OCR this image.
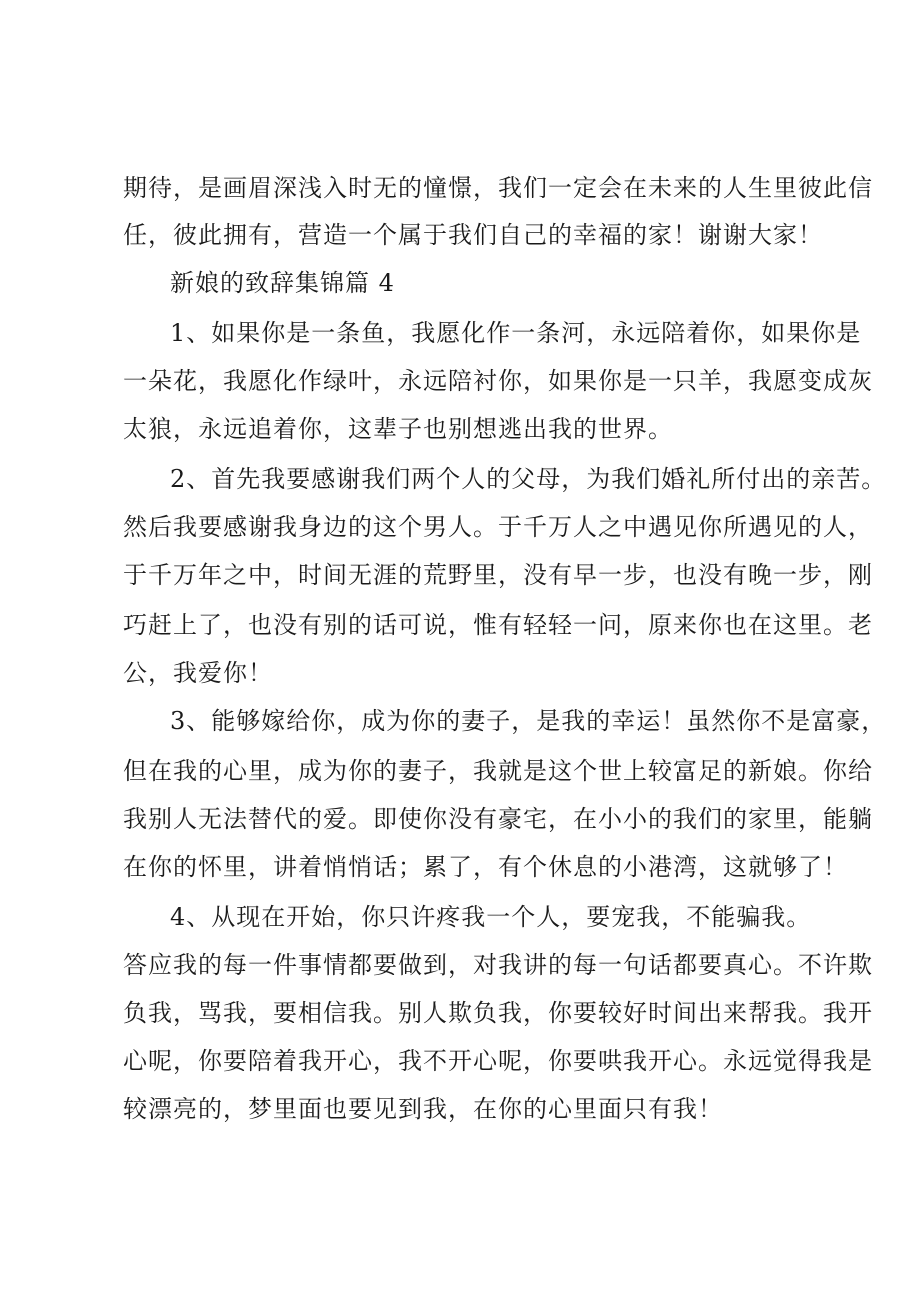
期待，是画眉深浅入时无的憧憬，我们一定会在未来的人生里彼此信
任，彼此拥有，营造一个属于我们自己的幸福的家！谢谢大家！
新娘的致辞集锦篇 4
1、如果你是一条鱼，我愿化作一条河，永远陪着你，如果你是
一朵花，我愿化作绿叶，永远陪衬你，如果你是一只羊，我愿变成灰
太狼，永远追着你，这辈子也别想逃出我的世界。
2、首先我要感谢我们两个人的父母，为我们婚礼所付出的亲苦。
然后我要感谢我身边的这个男人。于千万人之中遇见你所遇见的人，
于千万年之中，时间无涯的荒野里，没有早一步，也没有晚一步，刚
巧赶上了，也没有别的话可说，惟有轻轻一问，原来你也在这里。老
公，我爱你！
3、能够嫁给你，成为你的妻子，是我的幸运！虽然你不是富豪，
但在我的心里，成为你的妻子，我就是这个世上较富足的新娘。你给
我别人无法替代的爱。即使你没有豪宅，在小小的我们的家里，能躺
在你的怀里，讲着悄悄话；累了，有个休息的小港湾，这就够了！
4、从现在开始，你只许疼我一个人，要宠我，不能骗我。
答应我的每一件事情都要做到，对我讲的每一句话都要真心。不许欺
负我，骂我，要相信我。别人欺负我，你要较好时间出来帮我。我开
心呢，你要陪着我开心，我不开心呢，你要哄我开心。永远觉得我是
较漂亮的，梦里面也要见到我，在你的心里面只有我！
